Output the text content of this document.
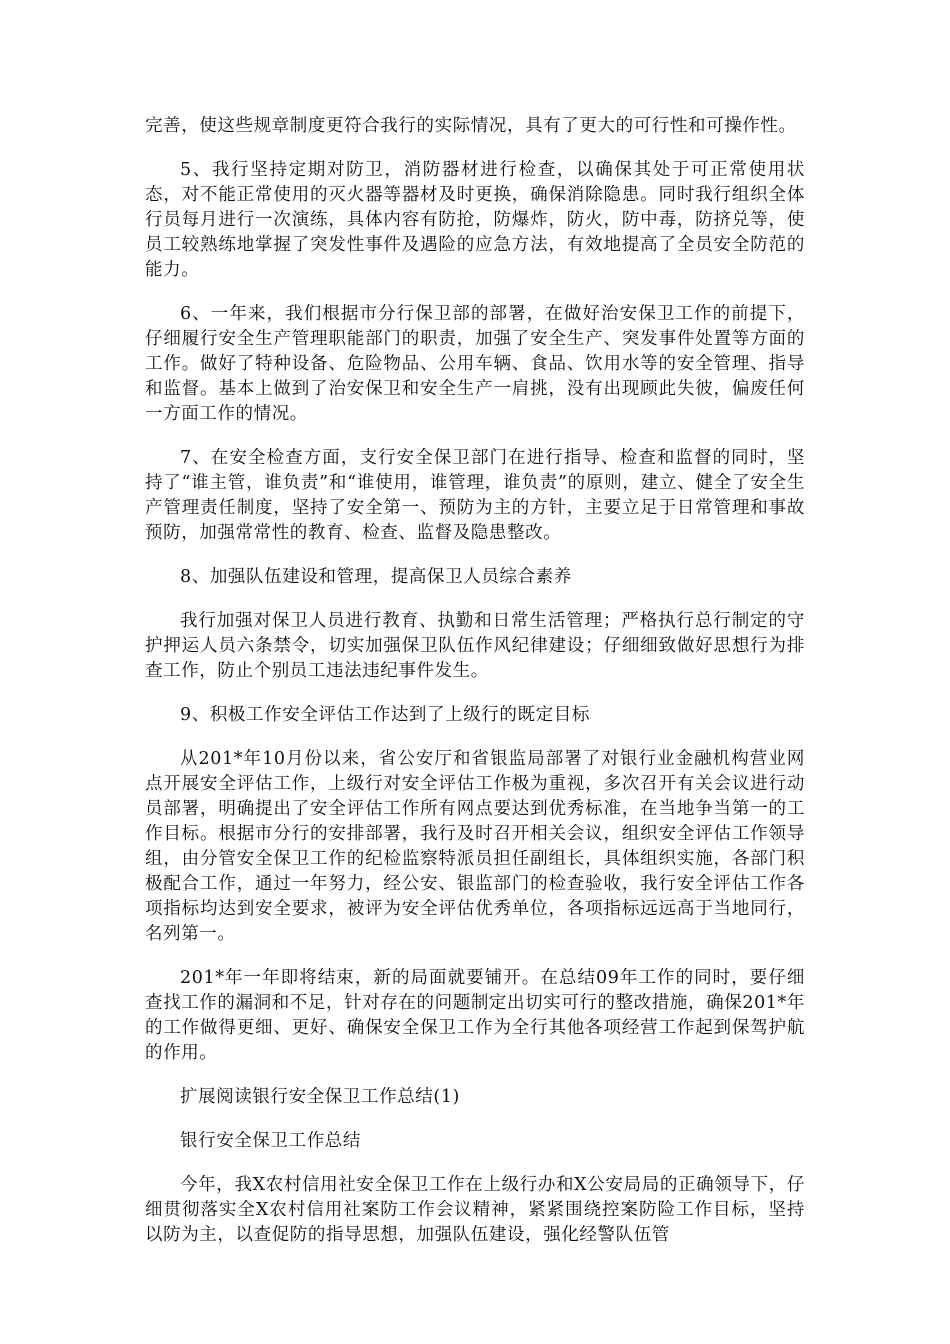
完善，使这些规章制度更符合我行的实际情况，具有了更大的可行性和可操作性。

5、我行坚持定期对防卫，消防器材进行检查，以确保其处于可正常使用状态，对不能正常使用的灭火器等器材及时更换，确保消除隐患。同时我行组织全体行员每月进行一次演练，具体内容有防抢，防爆炸，防火，防中毒，防挤兑等，使员工较熟练地掌握了突发性事件及遇险的应急方法，有效地提高了全员安全防范的能力。

6、一年来，我们根据市分行保卫部的部署，在做好治安保卫工作的前提下，仔细履行安全生产管理职能部门的职责，加强了安全生产、突发事件处置等方面的工作。做好了特种设备、危险物品、公用车辆、食品、饮用水等的安全管理、指导和监督。基本上做到了治安保卫和安全生产一肩挑，没有出现顾此失彼，偏废任何一方面工作的情况。

7、在安全检查方面，支行安全保卫部门在进行指导、检查和监督的同时，坚持了“谁主管，谁负责”和“谁使用，谁管理，谁负责”的原则，建立、健全了安全生产管理责任制度，坚持了安全第一、预防为主的方针，主要立足于日常管理和事故预防，加强常常性的教育、检查、监督及隐患整改。

8、加强队伍建设和管理，提高保卫人员综合素养

我行加强对保卫人员进行教育、执勤和日常生活管理；严格执行总行制定的守护押运人员六条禁令，切实加强保卫队伍作风纪律建设；仔细细致做好思想行为排查工作，防止个别员工违法违纪事件发生。

9、积极工作安全评估工作达到了上级行的既定目标

从201*年10月份以来，省公安厅和省银监局部署了对银行业金融机构营业网点开展安全评估工作，上级行对安全评估工作极为重视，多次召开有关会议进行动员部署，明确提出了安全评估工作所有网点要达到优秀标准，在当地争当第一的工作目标。根据市分行的安排部署，我行及时召开相关会议，组织安全评估工作领导组，由分管安全保卫工作的纪检监察特派员担任副组长，具体组织实施，各部门积极配合工作，通过一年努力，经公安、银监部门的检查验收，我行安全评估工作各项指标均达到安全要求，被评为安全评估优秀单位，各项指标远远高于当地同行，名列第一。

201*年一年即将结束，新的局面就要铺开。在总结09年工作的同时，要仔细查找工作的漏洞和不足，针对存在的问题制定出切实可行的整改措施，确保201*年的工作做得更细、更好、确保安全保卫工作为全行其他各项经营工作起到保驾护航的作用。

扩展阅读银行安全保卫工作总结(1)

银行安全保卫工作总结

今年，我X农村信用社安全保卫工作在上级行办和X公安局局的正确领导下，仔细贯彻落实全X农村信用社案防工作会议精神，紧紧围绕控案防险工作目标，坚持以防为主，以查促防的指导思想，加强队伍建设，强化经警队伍管
